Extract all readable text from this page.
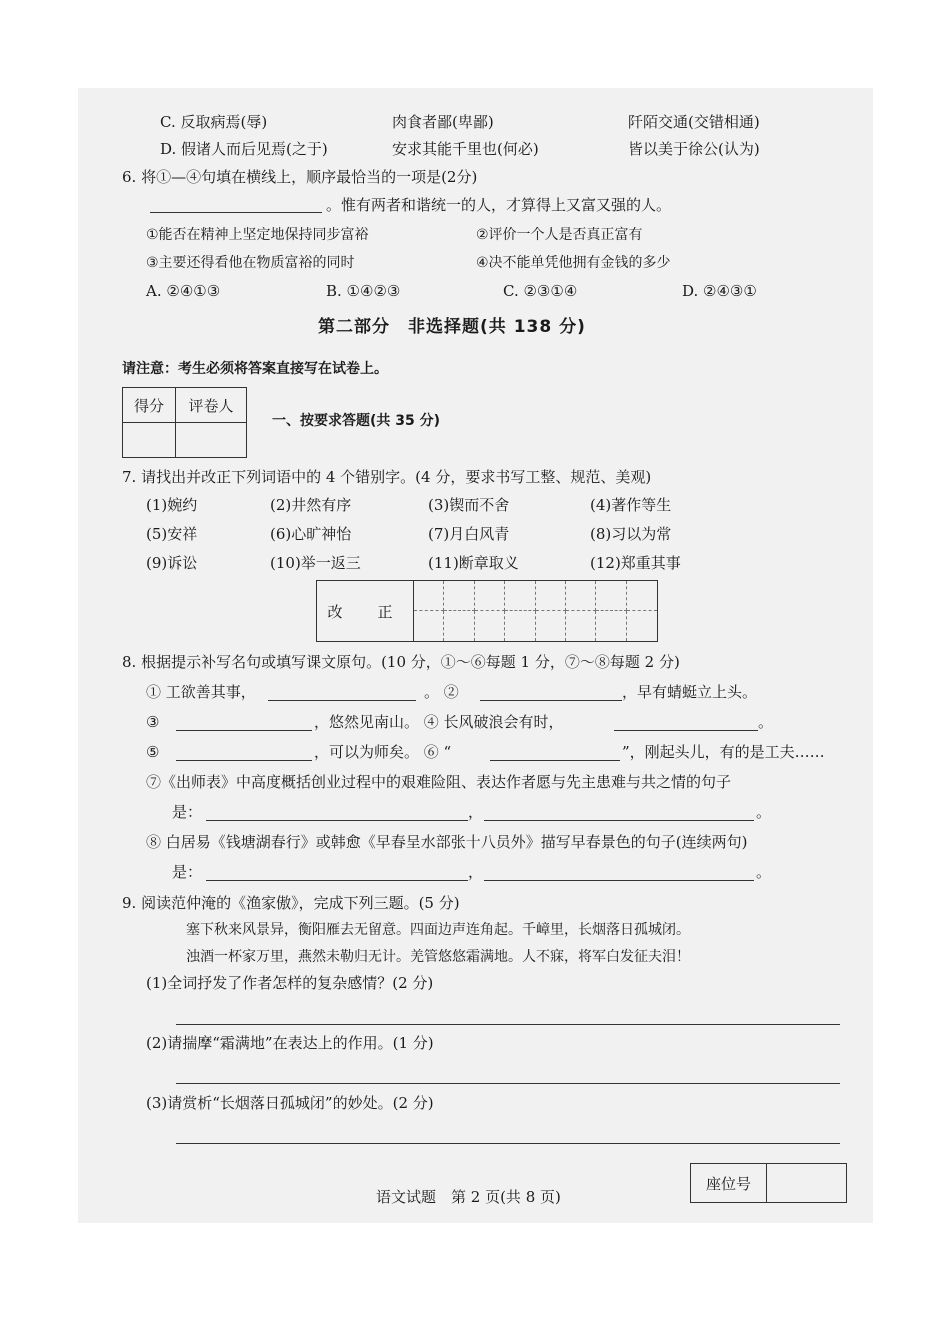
C. 反取病焉(辱)	肉食者鄙(卑鄙)	阡陌交通(交错相通)
D. 假诸人而后见焉(之于)	安求其能千里也(何必)	皆以美于徐公(认为)
6. 将①—④句填在横线上，顺序最恰当的一项是(2分)
。惟有两者和谐统一的人，才算得上又富又强的人。
①能否在精神上坚定地保持同步富裕	②评价一个人是否真正富有
③主要还得看他在物质富裕的同时	④决不能单凭他拥有金钱的多少
A. ②④①③	B. ①④②③	C. ②③①④	D. ②④③①
第二部分　非选择题(共 138 分)
请注意：考生必须将答案直接写在试卷上。
得分	评卷人

一、按要求答题(共 35 分)
7. 请找出并改正下列词语中的 4 个错别字。(4 分，要求书写工整、规范、美观)
(1)婉约	(2)井然有序	(3)锲而不舍	(4)著作等生
(5)安祥	(6)心旷神怡	(7)月白风青	(8)习以为常
(9)诉讼	(10)举一返三	(11)断章取义	(12)郑重其事
改　正
8. 根据提示补写名句或填写课文原句。(10 分，①～⑥每题 1 分，⑦～⑧每题 2 分)
① 工欲善其事，	。 ②	，早有蜻蜓立上头。
③	，悠然见南山。 ④ 长风破浪会有时，	。
⑤	，可以为师矣。 ⑥ “	”，刚起头儿，有的是工夫……
⑦《出师表》中高度概括创业过程中的艰难险阻、表达作者愿与先主患难与共之情的句子
是：	，	。
⑧ 白居易《钱塘湖春行》或韩愈《早春呈水部张十八员外》描写早春景色的句子(连续两句)
是：	，	。
9. 阅读范仲淹的《渔家傲》，完成下列三题。(5 分)
塞下秋来风景异，衡阳雁去无留意。四面边声连角起。千嶂里，长烟落日孤城闭。
浊酒一杯家万里，燕然未勒归无计。羌管悠悠霜满地。人不寐，将军白发征夫泪！
(1)全词抒发了作者怎样的复杂感情？(2 分)
(2)请揣摩“霜满地”在表达上的作用。(1 分)
(3)请赏析“长烟落日孤城闭”的妙处。(2 分)
语文试题　第 2 页(共 8 页)
座位号
